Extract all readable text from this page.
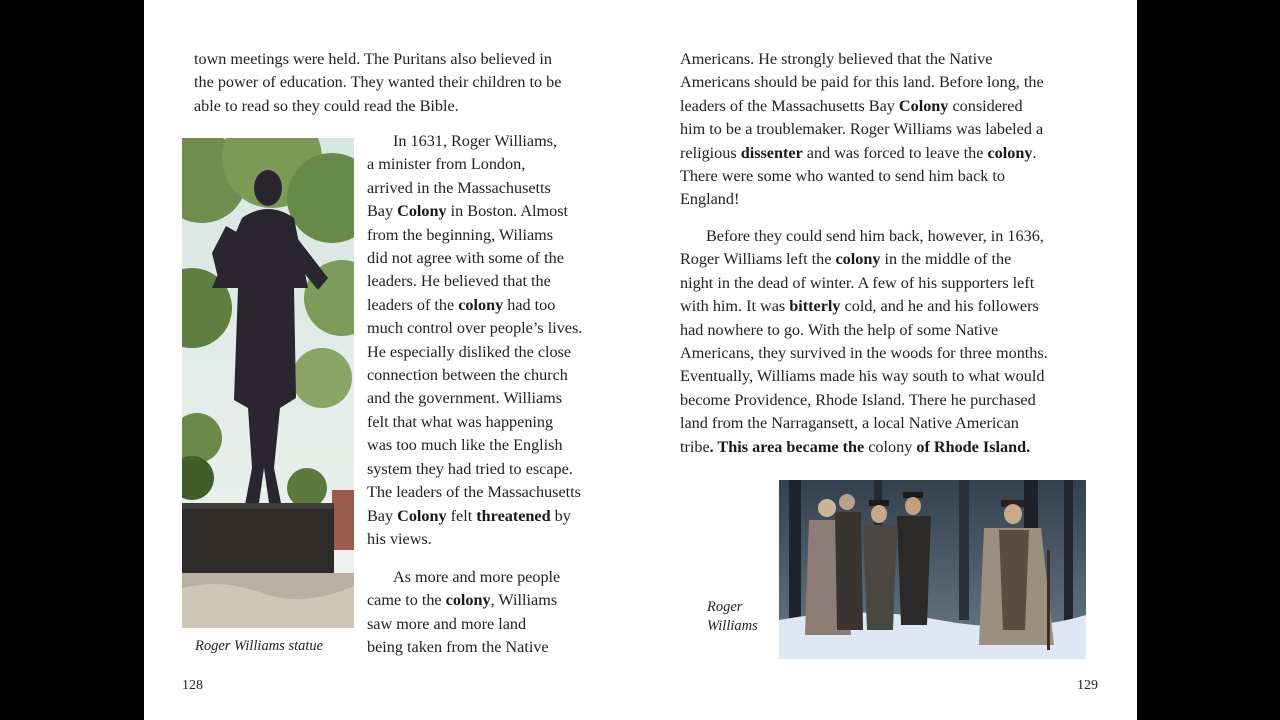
town meetings were held. The Puritans also believed in

the power of education. They wanted their children to be

able to read so they could read the Bible.

In 1631, Roger Williams,

a minister from London,

arrived in the Massachusetts

Bay Colony in Boston. Almost

from the beginning, Wiliams

did not agree with some of the

leaders. He believed that the

leaders of the colony had too

much control over people’s lives.

He especially disliked the close

connection between the church

and the government. Williams

felt that what was happening

was too much like the English

system they had tried to escape.

The leaders of the Massachusetts

Bay Colony felt threatened by

his views.

As more and more people

came to the colony, Williams

saw more and more land

being taken from the Native

Roger Williams statue
128

Americans. He strongly believed that the Native

Americans should be paid for this land. Before long, the

leaders of the Massachusetts Bay Colony considered

him to be a troublemaker. Roger Williams was labeled a

religious dissenter and was forced to leave the colony.

There were some who wanted to send him back to

England!

Before they could send him back, however, in 1636,

Roger Williams left the colony in the middle of the

night in the dead of winter. A few of his supporters left

with him. It was bitterly cold, and he and his followers

had nowhere to go. With the help of some Native

Americans, they survived in the woods for three months.

Eventually, Williams made his way south to what would

become Providence, Rhode Island. There he purchased

land from the Narragansett, a local Native American

tribe. This area became the colony of Rhode Island.

Roger
Williams
129
